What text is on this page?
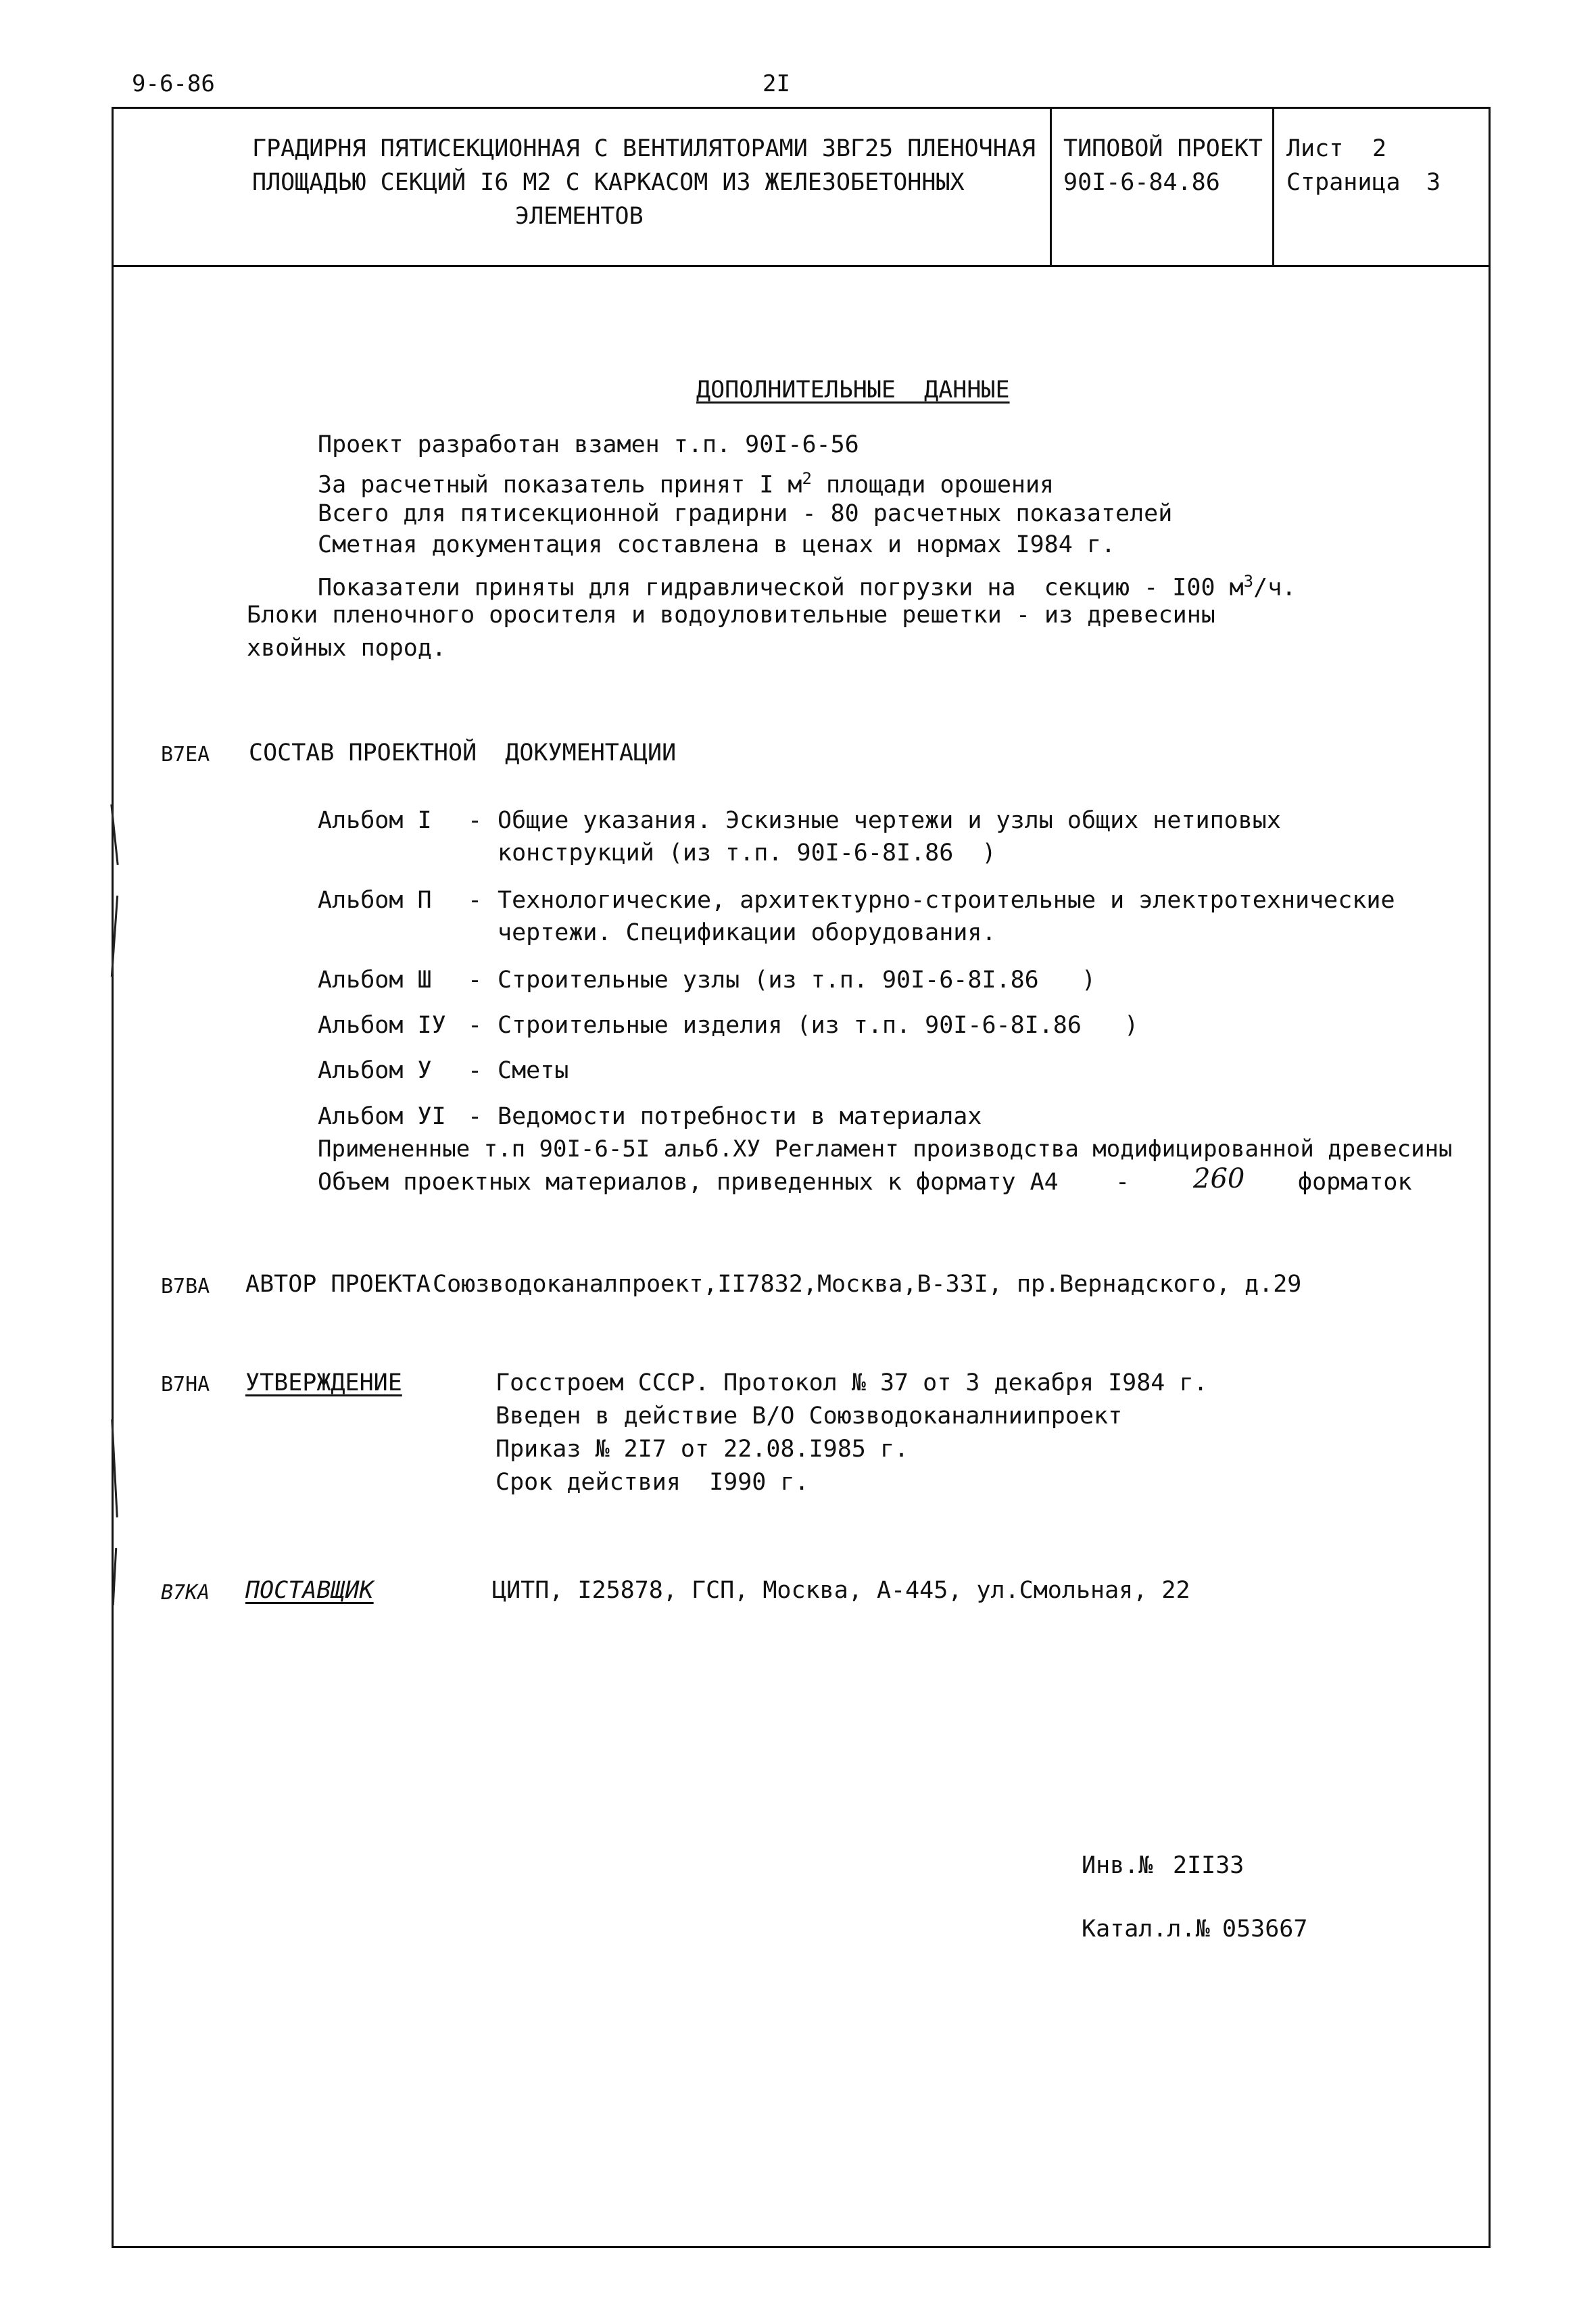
9-6-86	2I
ГРАДИРНЯ ПЯТИСЕКЦИОННАЯ С ВЕНТИЛЯТОРАМИ 3ВГ25 ПЛЕНОЧНАЯ
ПЛОЩАДЬЮ СЕКЦИЙ I6 М2 С КАРКАСОМ ИЗ ЖЕЛЕЗОБЕТОННЫХ
ЭЛЕМЕНТОВ
ТИПОВОЙ ПРОЕКТ
90I-6-84.86
Лист 2
Страница 3
ДОПОЛНИТЕЛЬНЫЕ  ДАННЫЕ
Проект разработан взамен т.п. 90I-6-56
За расчетный показатель принят I $м^2$ площади орошения
Всего для пятисекционной градирни - 80 расчетных показателей
Сметная документация составлена в ценах и нормах I984 г.
Показатели приняты для гидравлической погрузки на  секцию - I00 $м^3/ч$.
Блоки пленочного оросителя и водоуловительные решетки - из древесины
хвойных пород.
В7ЕА СОСТАВ ПРОЕКТНОЙ  ДОКУМЕНТАЦИИ
Альбом I - Общие указания. Эскизные чертежи и узлы общих нетиповых
конструкций (из т.п. 90I-6-8I.86  )
Альбом П - Технологические, архитектурно-строительные и электротехнические
чертежи. Спецификации оборудования.
Альбом Ш - Строительные узлы (из т.п. 90I-6-8I.86   )
Альбом IУ - Строительные изделия (из т.п. 90I-6-8I.86   )
Альбом У - Сметы
Альбом УI - Ведомости потребности в материалах
Примененные т.п 90I-6-5I альб.ХУ Регламент производства модифицированной древесины
Объем проектных материалов, приведенных к формату А4 - 260 форматок
В7ВА АВТОР ПРОЕКТА Союзводоканалпроект,II7832,Москва,В-33I, пр.Вернадского, д.29
В7НА УТВЕРЖДЕНИЕ	Госстроем СССР. Протокол № 37 от 3 декабря I984 г.
Введен в действие В/О Союзводоканалниипроект
Приказ № 2I7 от 22.08.I985 г.
Срок действия  I990 г.
В7КА ПОСТАВЩИК	ЦИТП, I25878, ГСП, Москва, А-445, ул.Смольная, 22
Инв.№ 2II33
Катал.л.№ 053667
